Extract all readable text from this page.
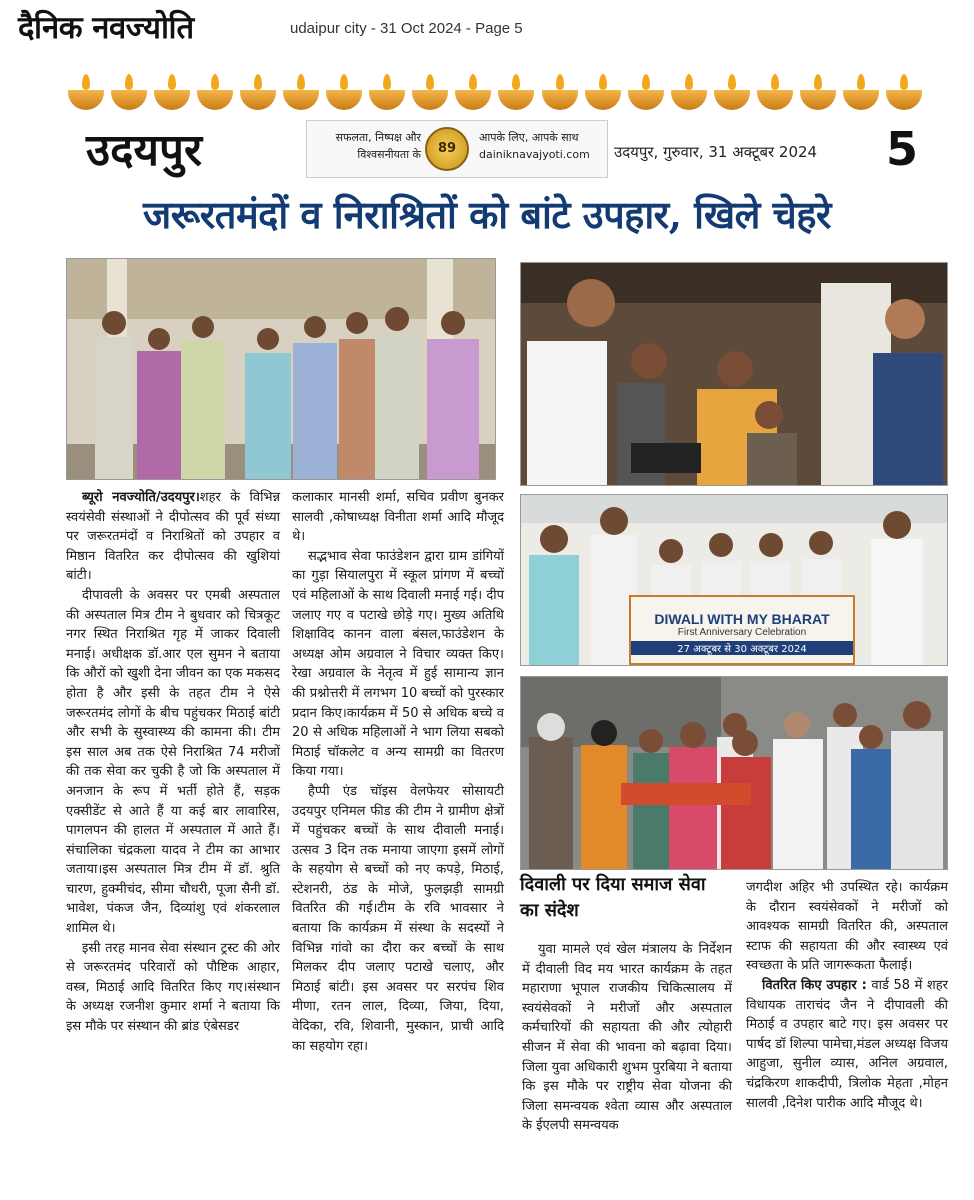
दैनिक नवज्योति	udaipur city - 31 Oct 2024 - Page 5
उदयपुर	सफलता, निष्पक्ष और विश्वसनीयता के	89
आपके लिए, आपके साथ
dainiknavajyoti.com उदयपुर, गुरुवार, 31 अक्टूबर 2024 5
जरूरतमंदों व निराश्रितों को बांटे उपहार, खिले चेहरे
DIWALI WITH MY BHARAT
First Anniversary Celebration
27 अक्टूबर से 30 अक्टूबर 2024

ब्यूरो नवज्योति/उदयपुर।शहर के विभिन्न स्वयंसेवी संस्थाओं ने दीपोत्सव की पूर्व संध्या पर जरूरतमंदों व निराश्रितों को उपहार व मिष्ठान वितरित कर दीपोत्सव की खुशियां बांटी।

दीपावली के अवसर पर एमबी अस्पताल की अस्पताल मित्र टीम ने बुधवार को चित्रकूट नगर स्थित निराश्रित गृह में जाकर दिवाली मनाई। अधीक्षक डॉ.आर एल सुमन ने बताया कि औरों को खुशी देना जीवन का एक मकसद होता है और इसी के तहत टीम ने ऐसे जरूरतमंद लोगों के बीच पहुंचकर मिठाई बांटी और सभी के सुस्वास्थ्य की कामना की। टीम इस साल अब तक ऐसे निराश्रित 74 मरीजों की तक सेवा कर चुकी है जो कि अस्पताल में अनजान के रूप में भर्ती होते हैं, सड़क एक्सीडेंट से आते हैं या कई बार लावारिस, पागलपन की हालत में अस्पताल में आते हैं। संचालिका चंद्रकला यादव ने टीम का आभार जताया।इस अस्पताल मित्र टीम में डॉ. श्रुति चारण, हुक्मीचंद, सीमा चौधरी, पूजा सैनी डॉ. भावेश, पंकज जैन, दिव्यांशु एवं शंकरलाल शामिल थे।

इसी तरह मानव सेवा संस्थान ट्रस्ट की ओर से जरूरतमंद परिवारों को पौष्टिक आहार, वस्त्र, मिठाई आदि वितरित किए गए।संस्थान के अध्यक्ष रजनीश कुमार शर्मा ने बताया कि इस मौके पर संस्थान की ब्रांड एंबेसडर

कलाकार मानसी शर्मा, सचिव प्रवीण बुनकर सालवी ,कोषाध्यक्ष विनीता शर्मा आदि मौजूद थे।

सद्भभाव सेवा फाउंडेशन द्वारा ग्राम डांगियों का गुड़ा सियालपुरा में स्कूल प्रांगण में बच्चों एवं महिलाओं के साथ दिवाली मनाई गई। दीप जलाए गए व पटाखे छोड़े गए। मुख्य अतिथि शिक्षाविद कानन वाला बंसल,फाउंडेशन के अध्यक्ष ओम अग्रवाल ने विचार व्यक्त किए। रेखा अग्रवाल के नेतृत्व में हुई सामान्य ज्ञान की प्रश्नोत्तरी में लगभग 10 बच्चों को पुरस्कार प्रदान किए।कार्यक्रम में 50 से अधिक बच्चे व 20 से अधिक महिलाओं ने भाग लिया सबको मिठाई चॉकलेट व अन्य सामग्री का वितरण किया गया।

हैप्पी एंड चॉइस वेलफेयर सोसायटी उदयपुर एनिमल फीड की टीम ने ग्रामीण क्षेत्रों में पहुंचकर बच्चों के साथ दीवाली मनाई। उत्सव 3 दिन तक मनाया जाएगा इसमें लोगों के सहयोग से बच्चों को नए कपड़े, मिठाई, स्टेशनरी, ठंड के मोजे, फुलझड़ी सामग्री वितरित की गई।टीम के रवि भावसार ने बताया कि कार्यक्रम में संस्था के सदस्यों ने विभिन्न गांवो का दौरा कर बच्चों के साथ मिलकर दीप जलाए पटाखे चलाए, और मिठाई बांटी। इस अवसर पर सरपंच शिव मीणा, रतन लाल, दिव्या, जिया, दिया, वेदिका, रवि, शिवानी, मुस्कान, प्राची आदि का सहयोग रहा।

दिवाली पर दिया समाज सेवा का संदेश

युवा मामले एवं खेल मंत्रालय के निर्देशन में दीवाली विद मय भारत कार्यक्रम के तहत महाराणा भूपाल राजकीय चिकित्सालय में स्वयंसेवकों ने मरीजों और अस्पताल कर्मचारियों की सहायता की और त्योहारी सीजन में सेवा की भावना को बढ़ावा दिया। जिला युवा अधिकारी शुभम पुरबिया ने बताया कि इस मौके पर राष्ट्रीय सेवा योजना की जिला समन्वयक श्वेता व्यास और अस्पताल के ईएलपी समन्वयक

जगदीश अहिर भी उपस्थित रहे। कार्यक्रम के दौरान स्वयंसेवकों ने मरीजों को आवश्यक सामग्री वितरित की, अस्पताल स्टाफ की सहायता की और स्वास्थ्य एवं स्वच्छता के प्रति जागरूकता फैलाई।

वितरित किए उपहार : वार्ड 58 में शहर विधायक ताराचंद जैन ने दीपावली की मिठाई व उपहार बाटे गए। इस अवसर पर पार्षद डॉ शिल्पा पामेचा,मंडल अध्यक्ष विजय आहुजा, सुनील व्यास, अनिल अग्रवाल, चंद्रकिरण शाकदीपी, त्रिलोक मेहता ,मोहन सालवी ,दिनेश पारीक आदि मौजूद थे।
